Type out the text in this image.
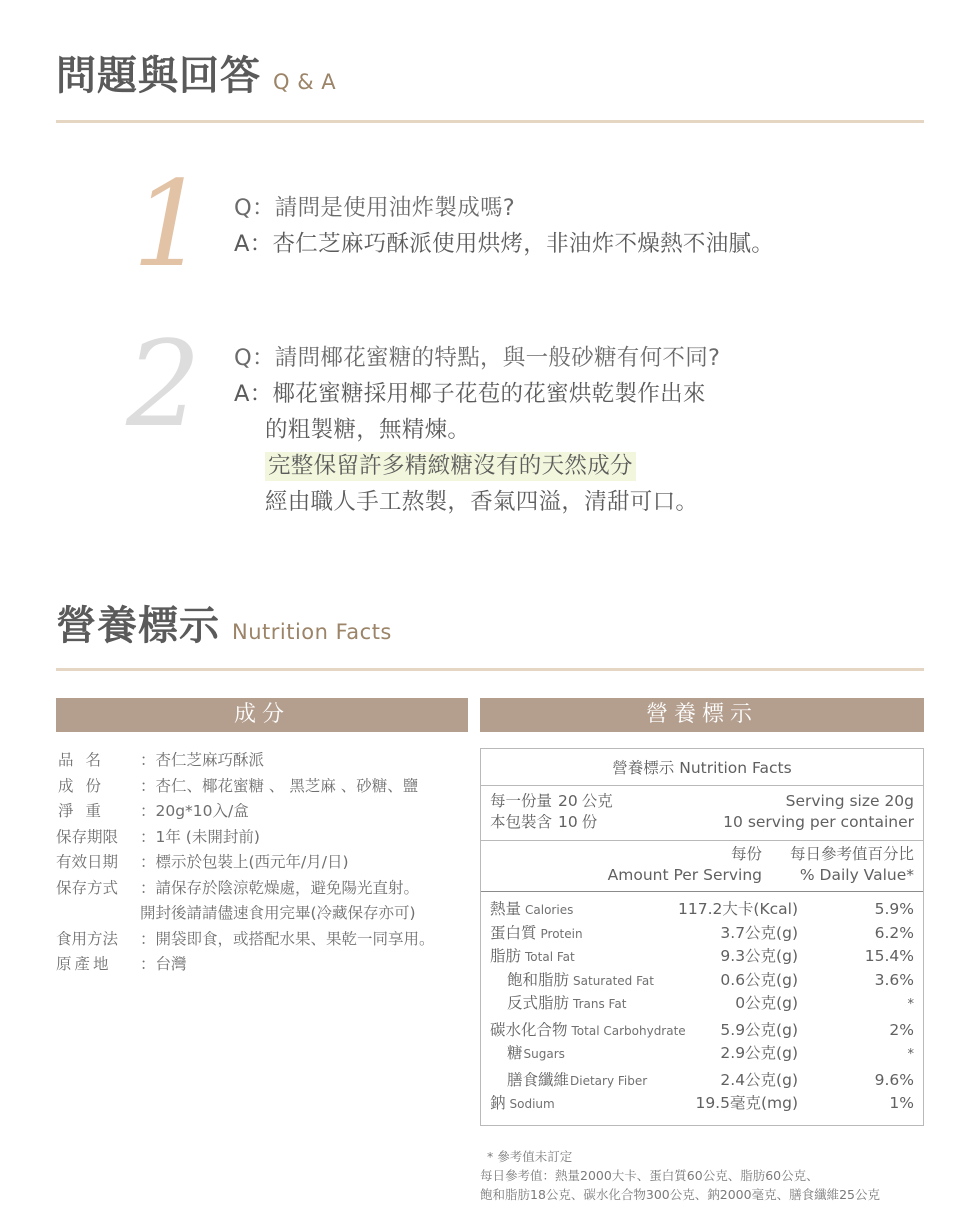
問題與回答 Q & A
1 Q：請問是使用油炸製成嗎?
A：杏仁芝麻巧酥派使用烘烤，非油炸不燥熱不油膩。
2 Q：請問椰花蜜糖的特點，與一般砂糖有何不同?
A：椰花蜜糖採用椰子花苞的花蜜烘乾製作出來
的粗製糖，無精煉。
完整保留許多精緻糖沒有的天然成分
經由職人手工熬製，香氣四溢，清甜可口。
營養標示 Nutrition Facts
成分	營養標示
品名	：杏仁芝麻巧酥派
成份	：杏仁、椰花蜜糖 、 黑芝麻 、砂糖、鹽
淨重	：20g*10入/盒
保存期限	：1年 (未開封前)
有效日期	：標示於包裝上(西元年/月/日)
保存方式	：請保存於陰涼乾燥處，避免陽光直射。
開封後請請儘速食用完畢(冷藏保存亦可)
食用方法	：開袋即食，或搭配水果、果乾一同享用。
原產地	：台灣
營養標示 Nutrition Facts
每一份量 20 公克	Serving size 20g
本包裝含 10 份	10 serving per container
每份 每日參考值百分比
Amount Per Serving % Daily Value*
熱量 Calories	117.2大卡(Kcal)	5.9%
蛋白質 Protein	3.7公克(g)	6.2%
脂肪 Total Fat	9.3公克(g)	15.4%
飽和脂肪 Saturated Fat	0.6公克(g)	3.6%
反式脂肪 Trans Fat	0公克(g)	*
碳水化合物 Total Carbohydrate	5.9公克(g)	2%
糖Sugars	2.9公克(g)	*
膳食纖維Dietary Fiber	2.4公克(g)	9.6%
鈉 Sodium	19.5毫克(mg)	1%
* 參考值未訂定
每日參考值：熱量2000大卡、蛋白質60公克、脂肪60公克、
飽和脂肪18公克、碳水化合物300公克、鈉2000毫克、膳食纖維25公克
